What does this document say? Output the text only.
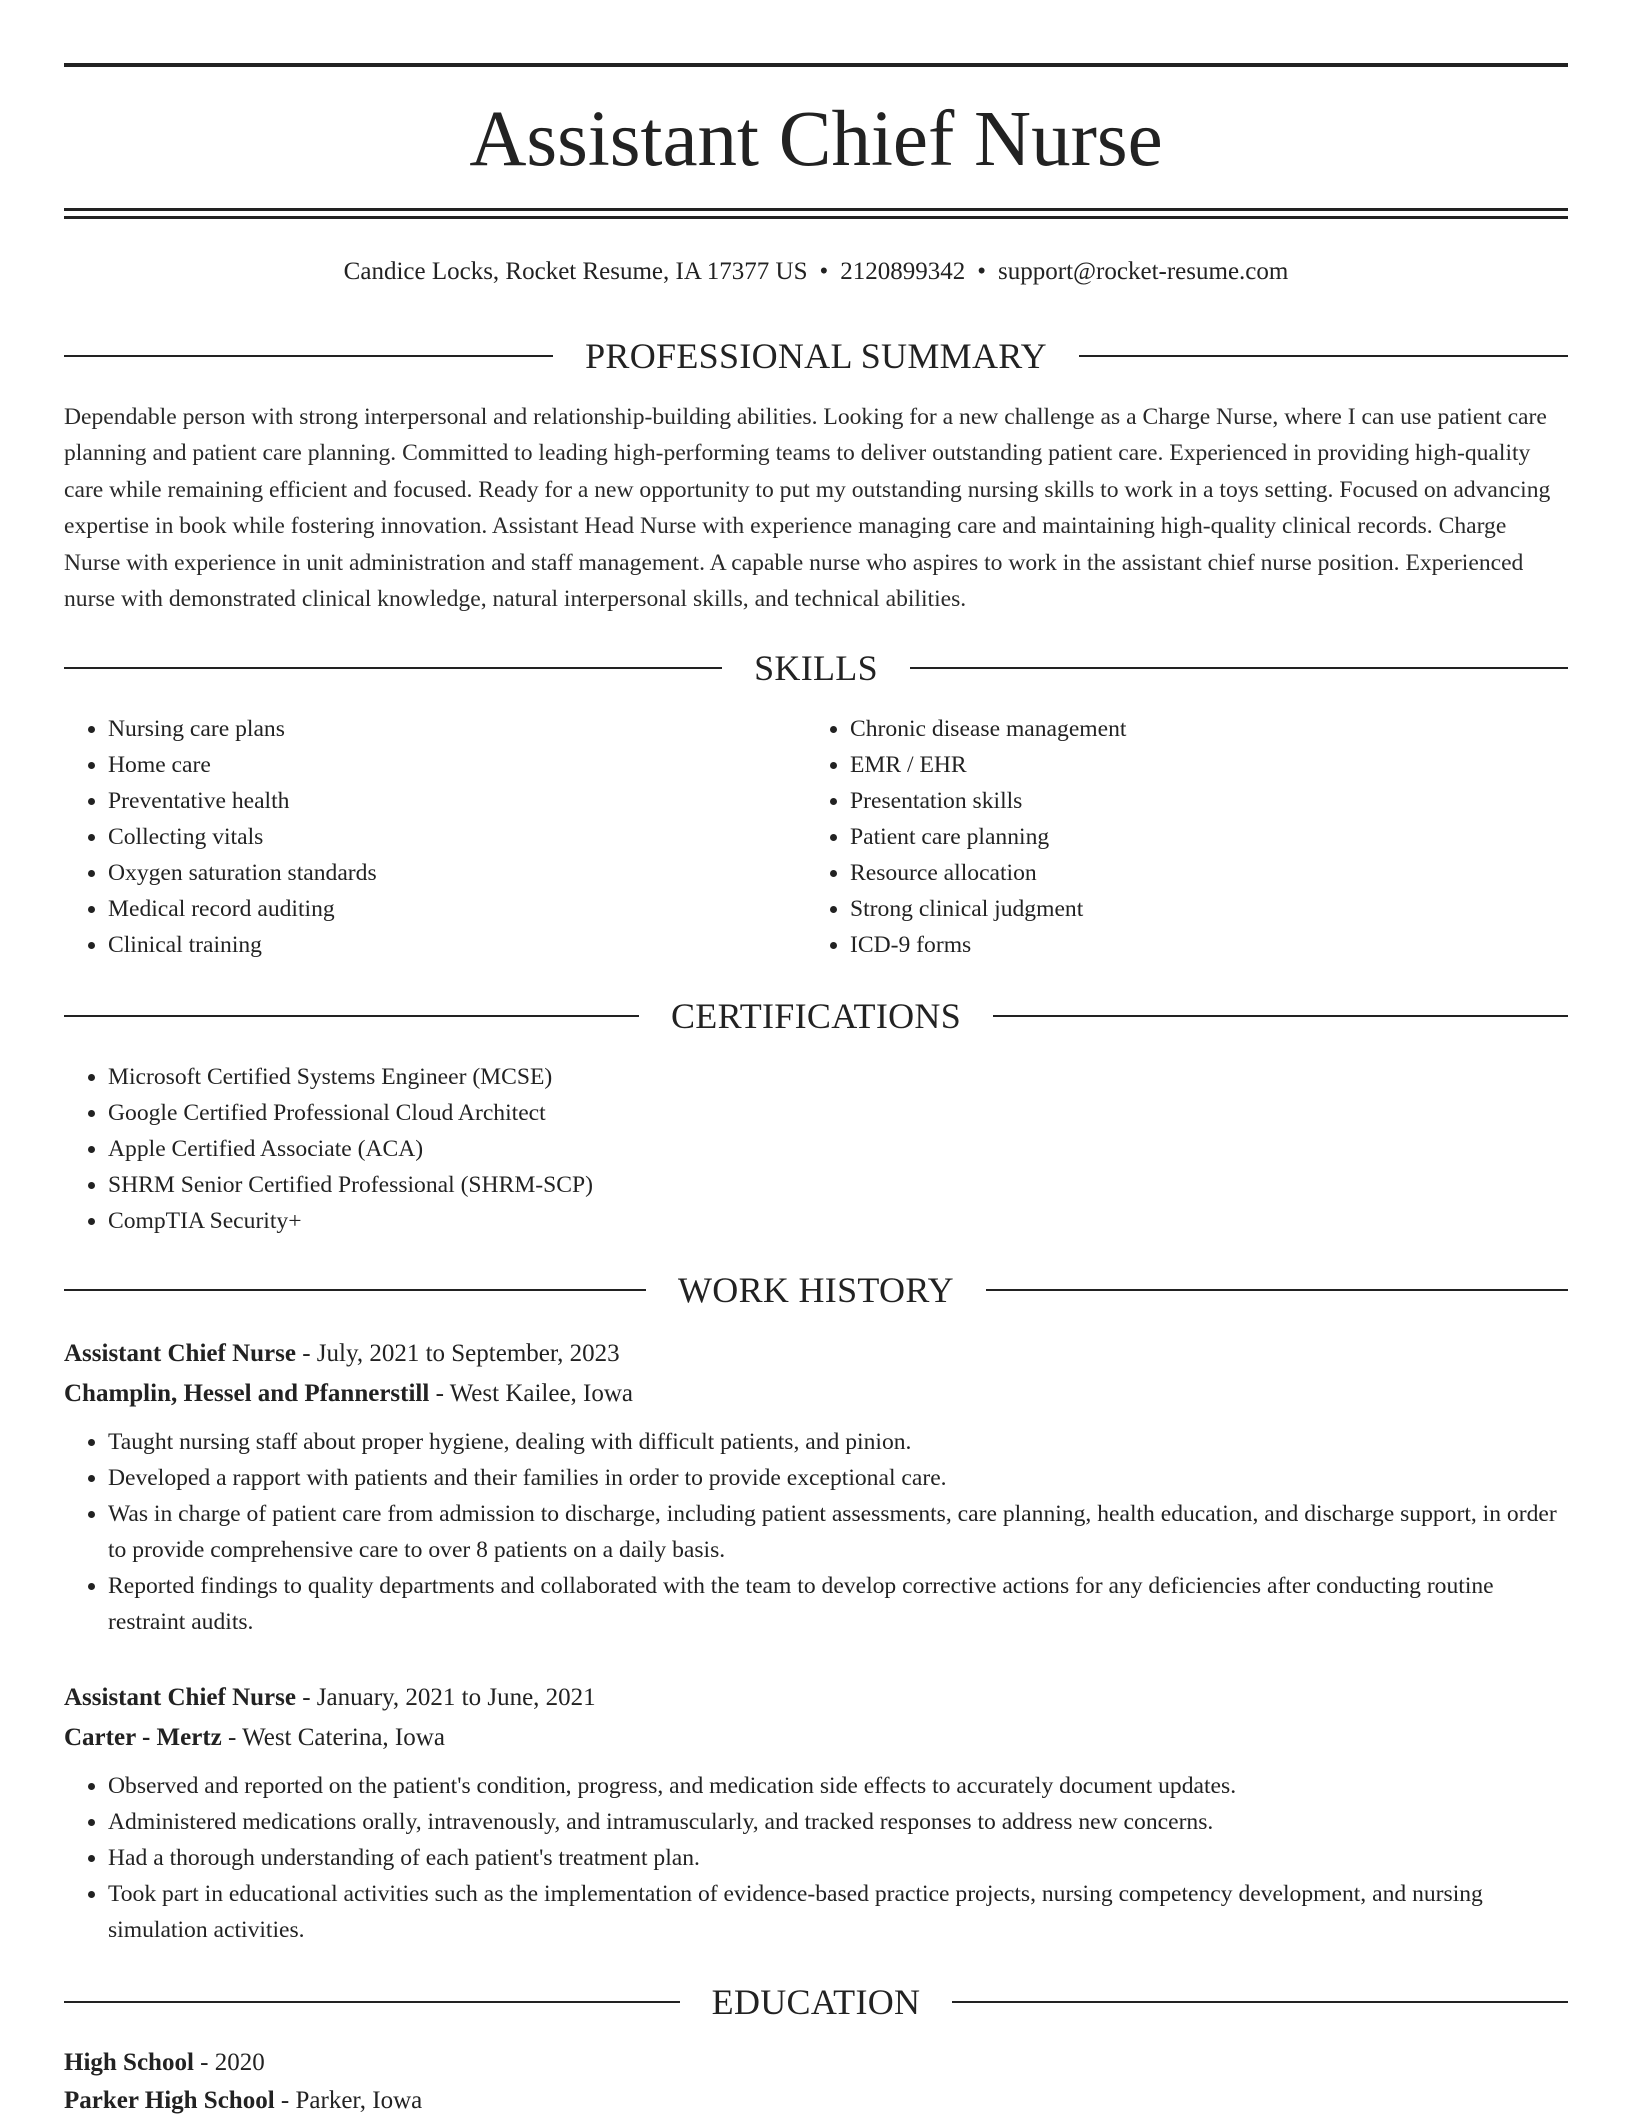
Assistant Chief Nurse
Candice Locks, Rocket Resume, IA 17377 US • 2120899342 • support@rocket-resume.com
PROFESSIONAL SUMMARY

Dependable person with strong interpersonal and relationship-building abilities. Looking for a new challenge as a Charge Nurse, where I can use patient care planning and patient care planning. Committed to leading high-performing teams to deliver outstanding patient care. Experienced in providing high-quality care while remaining efficient and focused. Ready for a new opportunity to put my outstanding nursing skills to work in a toys setting. Focused on advancing expertise in book while fostering innovation. Assistant Head Nurse with experience managing care and maintaining high-quality clinical records. Charge Nurse with experience in unit administration and staff management. A capable nurse who aspires to work in the assistant chief nurse position. Experienced nurse with demonstrated clinical knowledge, natural interpersonal skills, and technical abilities.

SKILLS
• Nursing care plans
• Home care
• Preventative health
• Collecting vitals
• Oxygen saturation standards
• Medical record auditing
• Clinical training
• Chronic disease management
• EMR / EHR
• Presentation skills
• Patient care planning
• Resource allocation
• Strong clinical judgment
• ICD-9 forms
CERTIFICATIONS
• Microsoft Certified Systems Engineer (MCSE)
• Google Certified Professional Cloud Architect
• Apple Certified Associate (ACA)
• SHRM Senior Certified Professional (SHRM-SCP)
• CompTIA Security+
WORK HISTORY
Assistant Chief Nurse - July, 2021 to September, 2023
Champlin, Hessel and Pfannerstill - West Kailee, Iowa
• Taught nursing staff about proper hygiene, dealing with difficult patients, and pinion.
• Developed a rapport with patients and their families in order to provide exceptional care.
• Was in charge of patient care from admission to discharge, including patient assessments, care planning, health education, and discharge support, in order to provide comprehensive care to over 8 patients on a daily basis.
• Reported findings to quality departments and collaborated with the team to develop corrective actions for any deficiencies after conducting routine restraint audits.
Assistant Chief Nurse - January, 2021 to June, 2021
Carter - Mertz - West Caterina, Iowa
• Observed and reported on the patient's condition, progress, and medication side effects to accurately document updates.
• Administered medications orally, intravenously, and intramuscularly, and tracked responses to address new concerns.
• Had a thorough understanding of each patient's treatment plan.
• Took part in educational activities such as the implementation of evidence-based practice projects, nursing competency development, and nursing simulation activities.
EDUCATION
High School - 2020
Parker High School - Parker, Iowa
